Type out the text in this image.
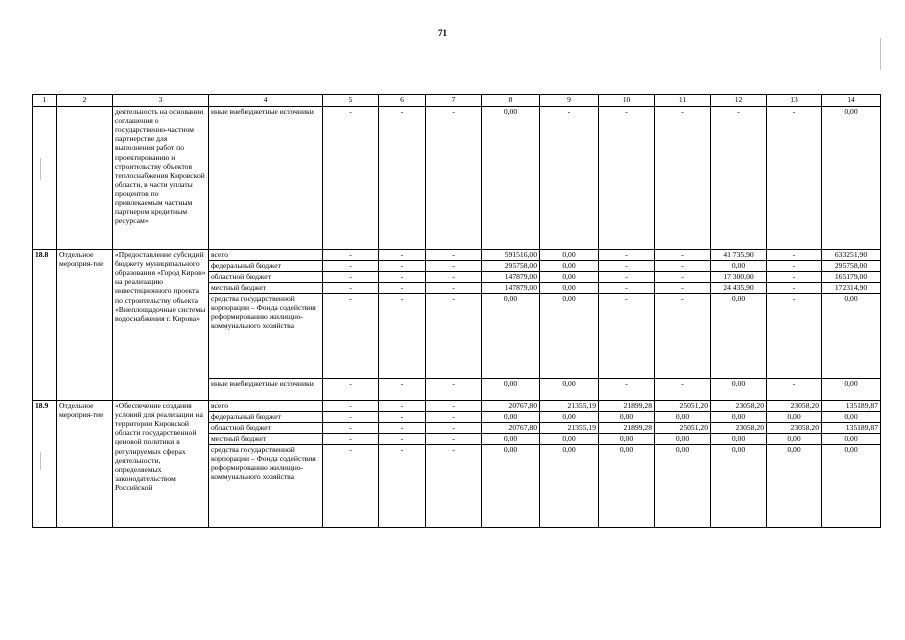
71
1	2	3	4	5	6	7	8	9	10	11	12	13	14
		деятельность на основании соглашения о государственно-частном партнерстве для выполнения работ по проектированию и строительству объектов теплоснабжения Кировской области, в части уплаты процентов по привлекаемым частным партнером кредитным ресурсам»	иные внебюджетные источники	-	-	-	0,00	-	-	-	-	-	0,00
18.8	Отдельное мероприя-тие	«Предоставление субсидий бюджету муниципального образования «Город Киров» на реализацию инвестиционного проекта по строительству объекта «Внеплощадочные системы водоснабжения г. Кирова»	всего	-	-	-	591516,00	0,00	-	-	41 735,90	-	633251,90
			федеральный бюджет	-	-	-	295758,00	0,00	-	-	0,00	-	295758,00
			областной бюджет	-	-	-	147879,00	0,00	-	-	17 300,00	-	165179,00
			местный бюджет	-	-	-	147879,00	0,00	-	-	24 435,90	-	172314,90
			средства государственной корпорации – Фонда содействия реформированию жилищно-коммунального хозяйства	-	-	-	0,00	0,00	-	-	0,00	-	0,00
			иные внебюджетные источники	-	-	-	0,00	0,00	-	-	0,00	-	0,00
18.9	Отдельное мероприя-тие	«Обеспечение создания условий для реализации на территории Кировской области государственной ценовой политики в регулируемых сферах деятельности, определяемых законодательством Российской	всего	-	-	-	20767,80	21355,19	21899,28	25051,20	23058,20	23058,20	135189,87
			федеральный бюджет	-	-	-	0,00	0,00	0,00	0,00	0,00	0,00	0,00
			областной бюджет	-	-	-	20767,80	21355,19	21899,28	25051,20	23058,20	23058,20	135189,87
			местный бюджет	-	-	-	0,00	0,00	0,00	0,00	0,00	0,00	0,00
			средства государственной корпорации – Фонда содействия реформированию жилищно-коммунального хозяйства	-	-	-	0,00	0,00	0,00	0,00	0,00	0,00	0,00
